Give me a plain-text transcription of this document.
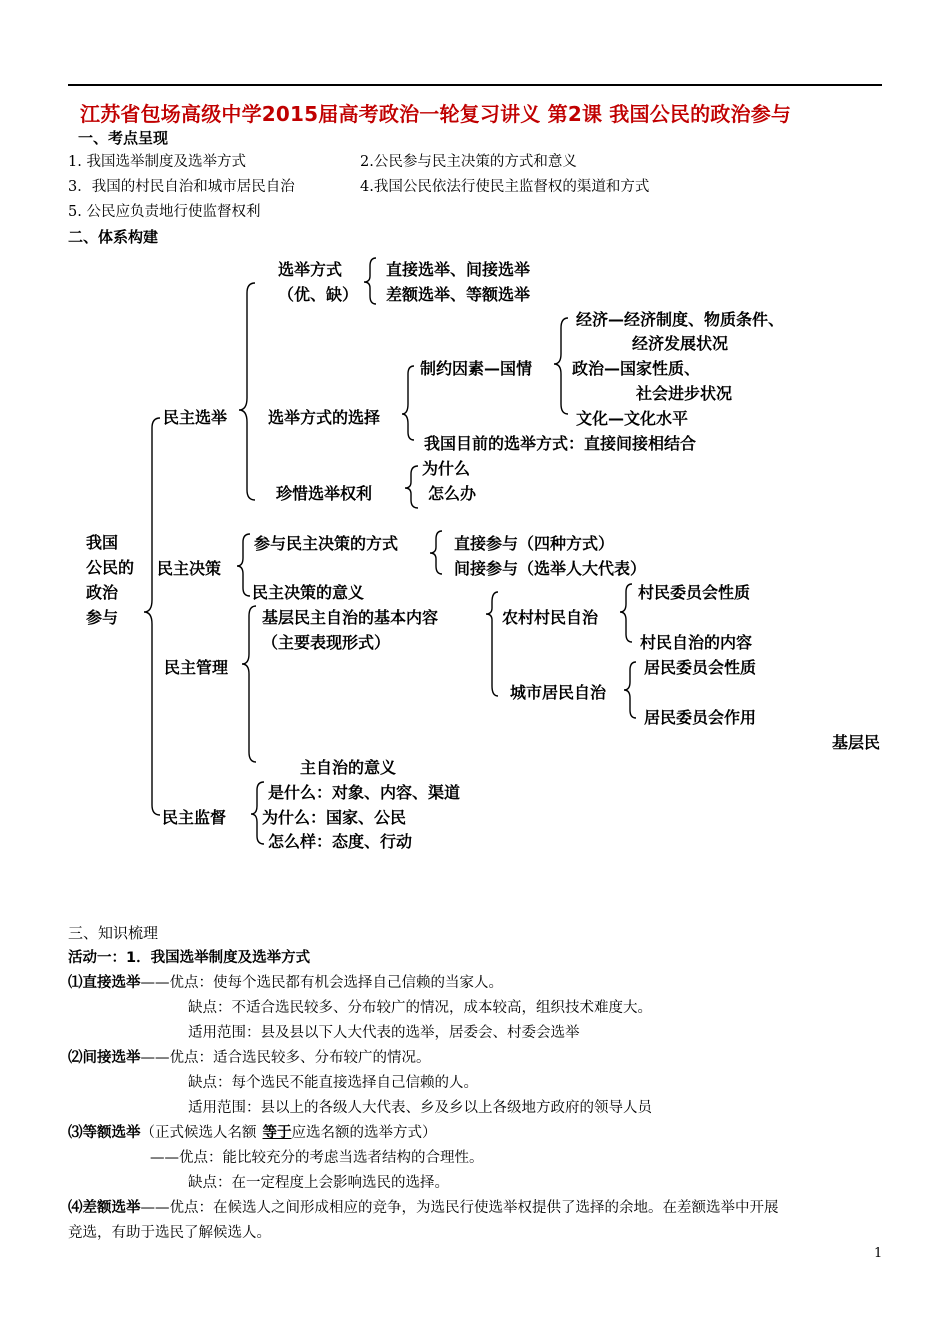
江苏省包场高级中学2015届高考政治一轮复习讲义 第2课 我国公民的政治参与
一、考点呈现
1. 我国选举制度及选举方式	2.公民参与民主决策的方式和意义
3．我国的村民自治和城市居民自治	4.我国公民依法行使民主监督权的渠道和方式
5. 公民应负责地行使监督权利
二、体系构建
我国
公民的
政治
参与
民主选举
选举方式
（优、缺）
直接选举、间接选举
差额选举、等额选举
选举方式的选择
制约因素—国情
经济—经济制度、物质条件、
经济发展状况
政治—国家性质、
社会进步状况
文化—文化水平
我国目前的选举方式：直接间接相结合
珍惜选举权利
为什么
怎么办
民主决策
参与民主决策的方式	直接参与（四种方式）
间接参与（选举人大代表）
民主决策的意义
民主管理
基层民主自治的基本内容
（主要表现形式）
农村村民自治
村民委员会性质
村民自治的内容
城市居民自治
居民委员会性质
居民委员会作用
基层民
主自治的意义
民主监督
是什么：对象、内容、渠道
为什么：国家、公民
怎么样：态度、行动
三、知识梳理
活动一：1．我国选举制度及选举方式
⑴直接选举——优点：使每个选民都有机会选择自己信赖的当家人。
缺点：不适合选民较多、分布较广的情况，成本较高，组织技术难度大。
适用范围：县及县以下人大代表的选举，居委会、村委会选举
⑵间接选举——优点：适合选民较多、分布较广的情况。
缺点：每个选民不能直接选择自己信赖的人。
适用范围：县以上的各级人大代表、乡及乡以上各级地方政府的领导人员
⑶等额选举（正式候选人名额 等于应选名额的选举方式）
——优点：能比较充分的考虑当选者结构的合理性。
缺点：在一定程度上会影响选民的选择。
⑷差额选举——优点：在候选人之间形成相应的竞争，为选民行使选举权提供了选择的余地。在差额选举中开展
竞选，有助于选民了解候选人。
1
